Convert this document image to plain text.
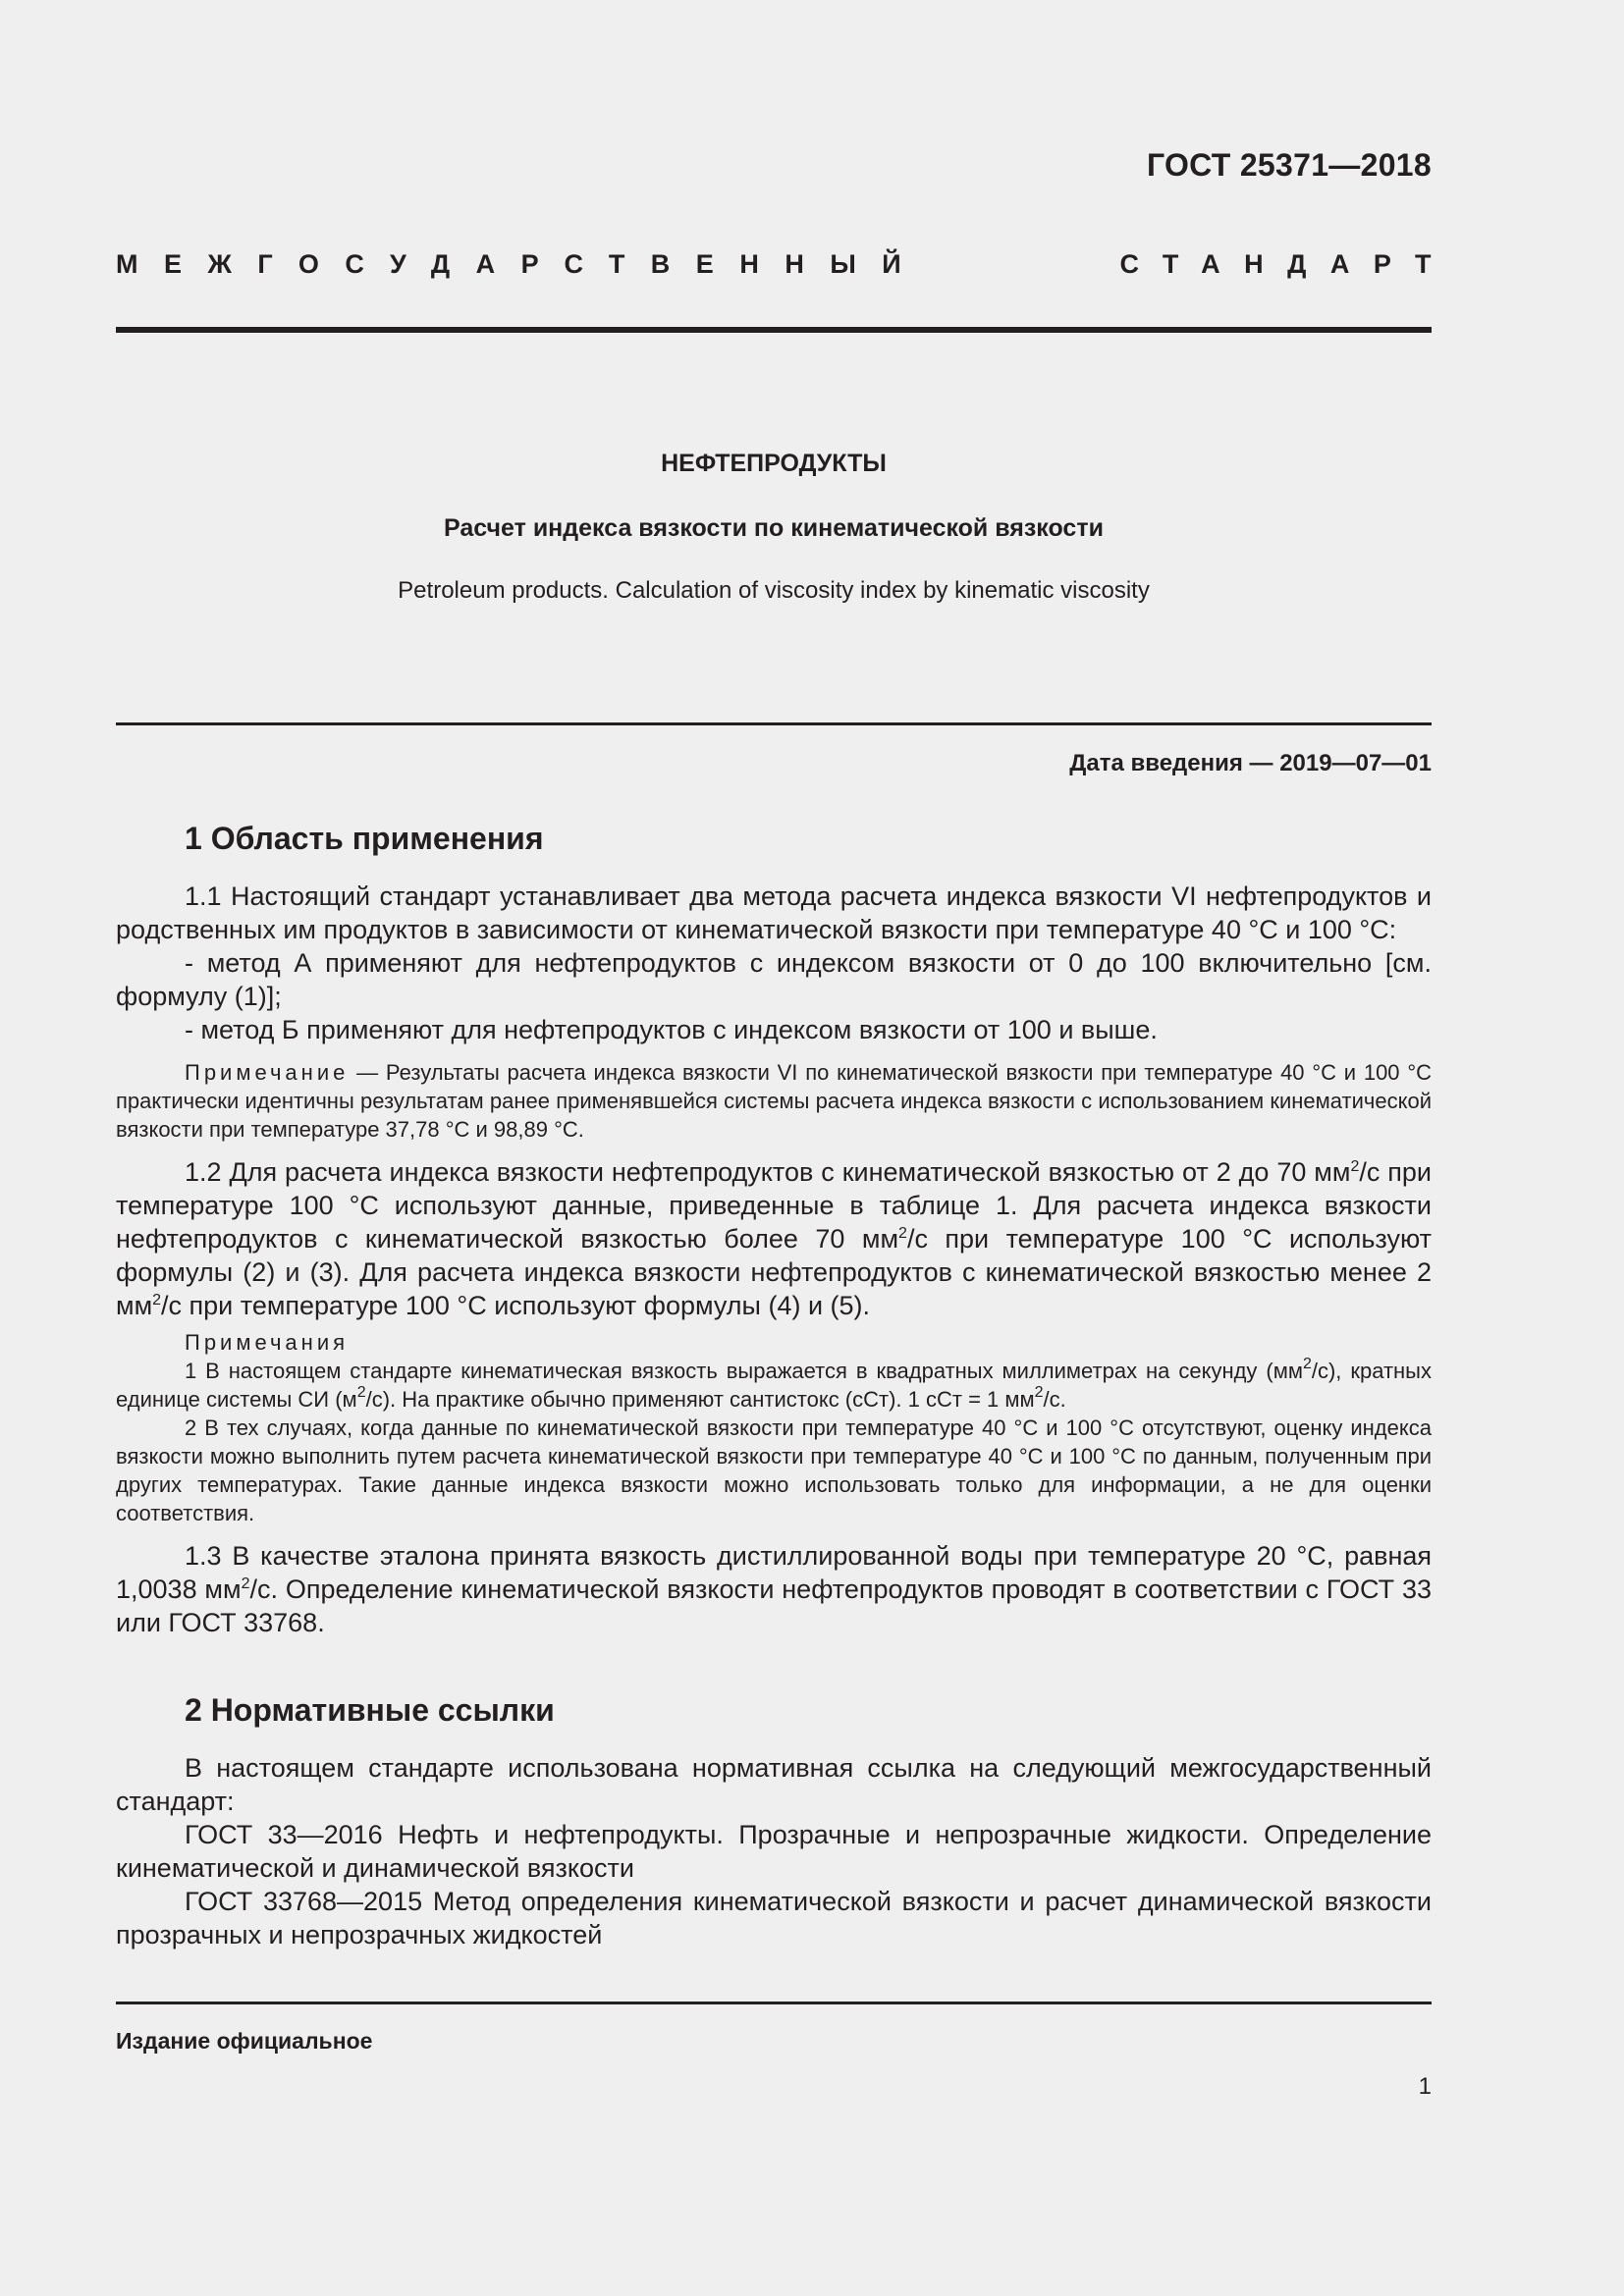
ГОСТ 25371—2018
МЕЖГОСУДАРСТВЕННЫЙ	СТАНДАРТ
НЕФТЕПРОДУКТЫ
Расчет индекса вязкости по кинематической вязкости
Petroleum products. Calculation of viscosity index by kinematic viscosity
Дата введения — 2019—07—01
1 Область применения

1.1 Настоящий стандарт устанавливает два метода расчета индекса вязкости VI нефтепродуктов и родственных им продуктов в зависимости от кинематической вязкости при температуре 40 °С и 100 °С:

- метод А применяют для нефтепродуктов с индексом вязкости от 0 до 100 включительно [см. формулу (1)];

- метод Б применяют для нефтепродуктов с индексом вязкости от 100 и выше.

Примечание — Результаты расчета индекса вязкости VI по кинематической вязкости при температуре 40 °С и 100 °С практически идентичны результатам ранее применявшейся системы расчета индекса вязкости с использованием кинематической вязкости при температуре 37,78 °С и 98,89 °С.

1.2 Для расчета индекса вязкости нефтепродуктов с кинематической вязкостью от 2 до 70 $мм^2/с$ при температуре 100 °С используют данные, приведенные в таблице 1. Для расчета индекса вязкости нефтепродуктов с кинематической вязкостью более 70 $мм^2/с$ при температуре 100 °С используют формулы (2) и (3). Для расчета индекса вязкости нефтепродуктов с кинематической вязкостью менее 2 $мм^2/с$ при температуре 100 °С используют формулы (4) и (5).

Примечания

1 В настоящем стандарте кинематическая вязкость выражается в квадратных миллиметрах на секунду $(мм^2/с)$, кратных единице системы СИ $(м^2/с)$. На практике обычно применяют сантистокс (сСт). 1 сСт = 1 $мм^2/с$.

2 В тех случаях, когда данные по кинематической вязкости при температуре 40 °С и 100 °С отсутствуют, оценку индекса вязкости можно выполнить путем расчета кинематической вязкости при температуре 40 °С и 100 °С по данным, полученным при других температурах. Такие данные индекса вязкости можно использовать только для информации, а не для оценки соответствия.

1.3 В качестве эталона принята вязкость дистиллированной воды при температуре 20 °С, равная 1,0038 $мм^2/с$. Определение кинематической вязкости нефтепродуктов проводят в соответствии с ГОСТ 33 или ГОСТ 33768.

2 Нормативные ссылки

В настоящем стандарте использована нормативная ссылка на следующий межгосударственный стандарт:

ГОСТ 33—2016 Нефть и нефтепродукты. Прозрачные и непрозрачные жидкости. Определение кинематической и динамической вязкости

ГОСТ 33768—2015 Метод определения кинематической вязкости и расчет динамической вязкости прозрачных и непрозрачных жидкостей

Издание официальное
1
